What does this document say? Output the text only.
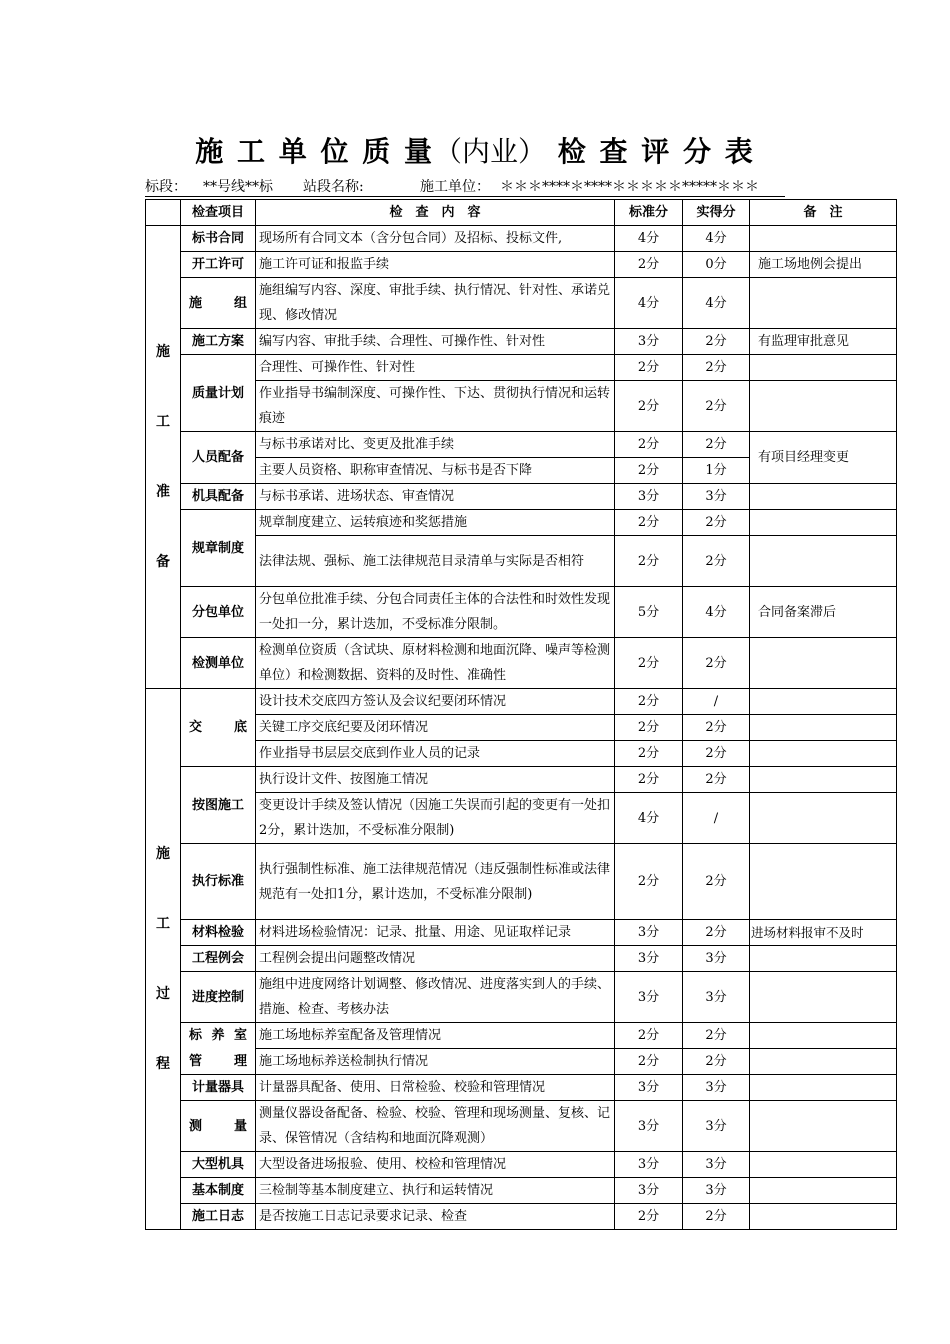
施 工 单 位 质 量（内业） 检 查 评 分 表
标段： **号线**标 站段名称:	施工单位： ＊＊＊****＊****＊＊＊＊＊*****＊＊＊
	检查项目	检　查　内　容	标准分	实得分	备　注

施
工
准
备	标书合同	现场所有合同文本（含分包合同）及招标、投标文件,	4分	4分	
	开工许可	施工许可证和报监手续	2分	0分	施工场地例会提出
	施　组	施组编写内容、深度、审批手续、执行情况、针对性、承诺兑现、修改情况	4分	4分	
	施工方案	编写内容、审批手续、合理性、可操作性、针对性	3分	2分	有监理审批意见
	质量计划	合理性、可操作性、针对性	2分	2分	
		作业指导书编制深度、可操作性、下达、贯彻执行情况和运转痕迹	2分	2分	
	人员配备	与标书承诺对比、变更及批准手续	2分	2分	有项目经理变更
		主要人员资格、职称审查情况、与标书是否下降	2分	1分	
	机具配备	与标书承诺、进场状态、审查情况	3分	3分	
	规章制度	规章制度建立、运转痕迹和奖惩措施	2分	2分	
		法律法规、强标、施工法律规范目录清单与实际是否相符	2分	2分	
	分包单位	分包单位批准手续、分包合同责任主体的合法性和时效性发现一处扣一分，累计迭加，不受标准分限制。	5分	4分	合同备案滞后
	检测单位	检测单位资质（含试块、原材料检测和地面沉降、噪声等检测单位）和检测数据、资料的及时性、准确性	2分	2分	

施
工
过
程	交　底	设计技术交底四方签认及会议纪要闭环情况	2分	/	
		关键工序交底纪要及闭环情况	2分	2分	
		作业指导书层层交底到作业人员的记录	2分	2分	
	按图施工	执行设计文件、按图施工情况	2分	2分	
		变更设计手续及签认情况（因施工失误而引起的变更有一处扣2分，累计迭加，不受标准分限制)	4分	/	
	执行标准	执行强制性标准、施工法律规范情况（违反强制性标准或法律规范有一处扣1分，累计迭加，不受标准分限制)	2分	2分	
	材料检验	材料进场检验情况：记录、批量、用途、见证取样记录	3分	2分	进场材料报审不及时
	工程例会	工程例会提出问题整改情况	3分	3分	
	进度控制	施组中进度网络计划调整、修改情况、进度落实到人的手续、措施、检查、考核办法	3分	3分	
	标养室	施工场地标养室配备及管理情况	2分	2分	
	管理	施工场地标养送检制执行情况	2分	2分	
	计量器具	计量器具配备、使用、日常检验、校验和管理情况	3分	3分	
	测　量	测量仪器设备配备、检验、校验、管理和现场测量、复核、记录、保管情况（含结构和地面沉降观测）	3分	3分	
	大型机具	大型设备进场报验、使用、校检和管理情况	3分	3分	
	基本制度	三检制等基本制度建立、执行和运转情况	3分	3分	
	施工日志	是否按施工日志记录要求记录、检查	2分	2分	
